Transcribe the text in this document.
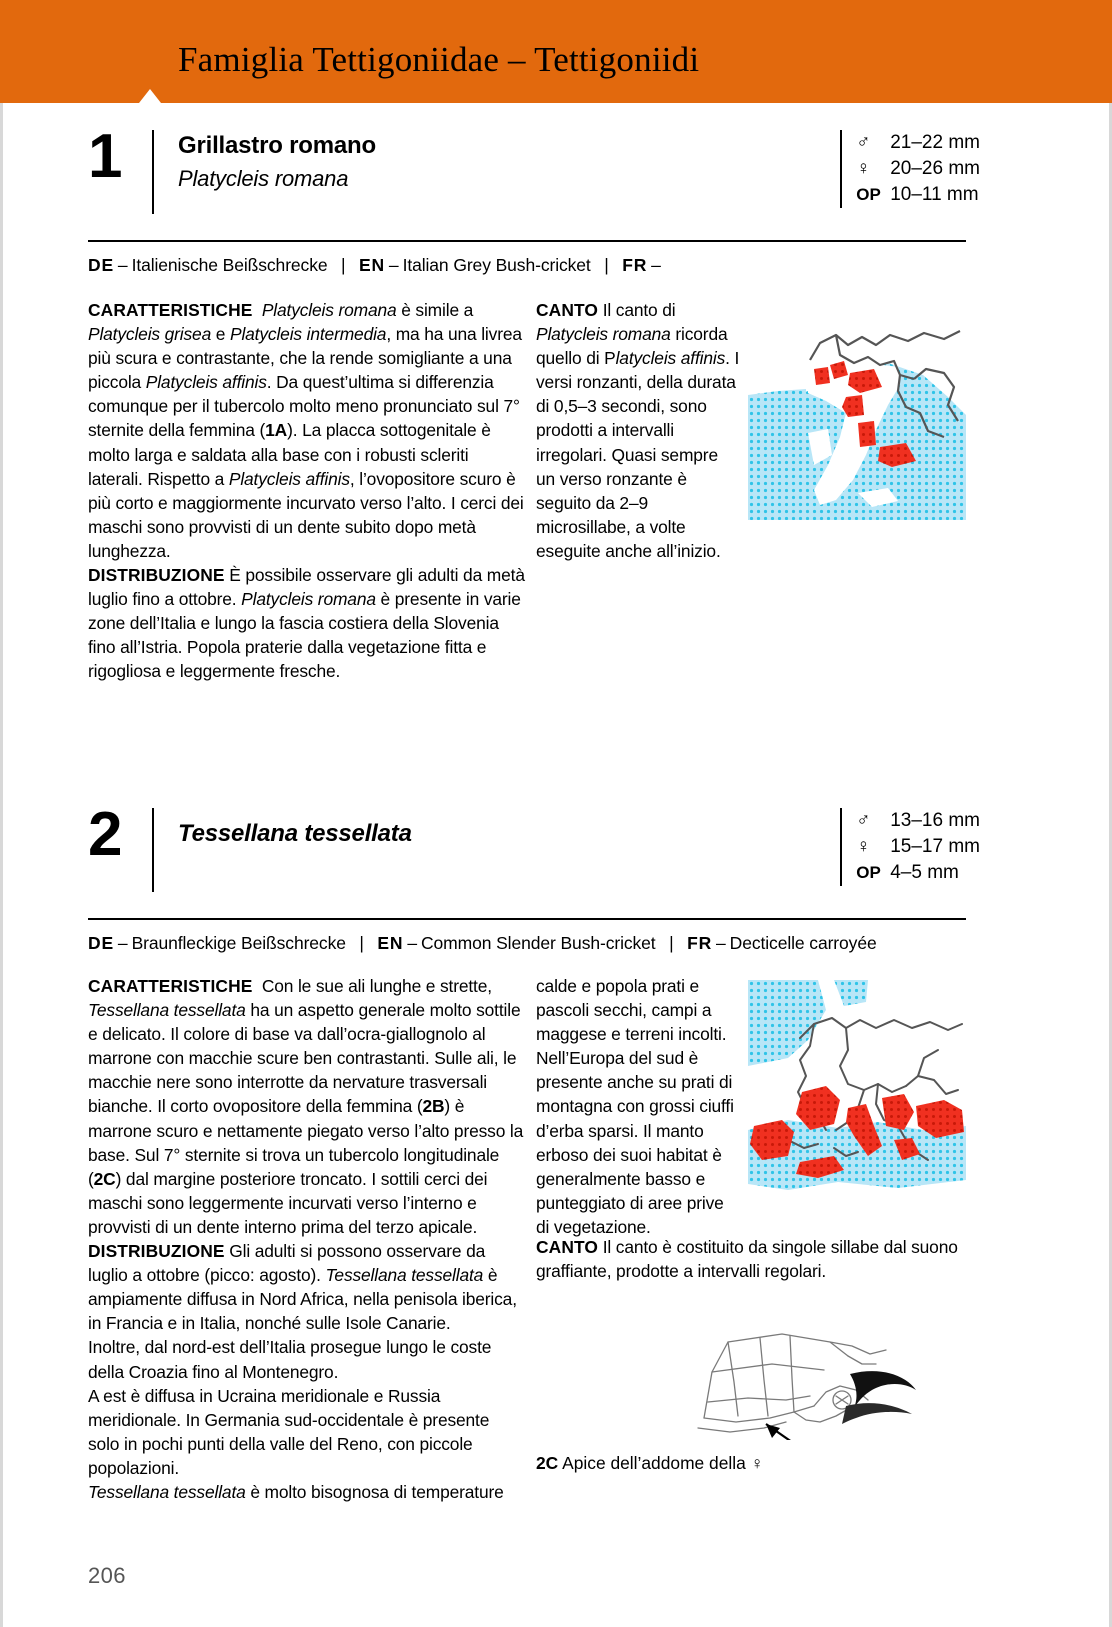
Famiglia Tettigoniidae – Tettigoniidi
1 Grillastro romano
Platycleis romana
♂	21–22 mm
♀	20–26 mm
OP 10–11 mm
DE – Italienische Beißschrecke  |  EN – Italian Grey Bush-cricket  |  FR –

CARATTERISTICHE Platycleis romana è simile a Platycleis grisea e Platycleis intermedia, ma ha una livrea più scura e contrastante, che la rende somigliante a una piccola Platycleis affinis. Da quest’ultima si differenzia comunque per il tubercolo molto meno pronunciato sul 7° sternite della femmina (1A). La placca sottogenitale è molto larga e saldata alla base con i robusti scleriti laterali. Rispetto a Platycleis affinis, l’ovopositore scuro è più corto e maggiormente incurvato verso l’alto. I cerci dei maschi sono provvisti di un dente subito dopo metà lunghezza.

DISTRIBUZIONE È possibile osservare gli adulti da metà luglio fino a ottobre. Platycleis romana è presente in varie zone dell’Italia e lungo la fascia costiera della Slovenia fino all’Istria. Popola praterie dalla vegetazione fitta e rigogliosa e leggermente fresche.

CANTO Il canto di Platycleis romana ricorda quello di Platycleis affinis. I versi ronzanti, della durata di 0,5–3 secondi, sono prodotti a intervalli irregolari. Quasi sempre un verso ronzante è seguito da 2–9 microsillabe, a volte eseguite anche all’inizio.

2 Tessellana tessellata	♂	13–16 mm
♀	15–17 mm
OP 4–5 mm
DE – Braunfleckige Beißschrecke  |  EN – Common Slender Bush-cricket  |  FR – Decticelle carroyée

CARATTERISTICHE Con le sue ali lunghe e strette, Tessellana tessellata ha un aspetto generale molto sottile e delicato. Il colore di base va dall’ocra-giallognolo al marrone con macchie scure ben contrastanti. Sulle ali, le macchie nere sono interrotte da nervature trasversali bianche. Il corto ovopositore della femmina (2B) è marrone scuro e nettamente piegato verso l’alto presso la base. Sul 7° sternite si trova un tubercolo longitudinale (2C) dal margine posteriore troncato. I sottili cerci dei maschi sono leggermente incurvati verso l’interno e provvisti di un dente interno prima del terzo apicale.

DISTRIBUZIONE Gli adulti si possono osservare da luglio a ottobre (picco: agosto). Tessellana tessellata è ampiamente diffusa in Nord Africa, nella penisola iberica, in Francia e in Italia, nonché sulle Isole Canarie.

Inoltre, dal nord-est dell’Italia prosegue lungo le coste della Croazia fino al Montenegro.

A est è diffusa in Ucraina meridionale e Russia meridionale. In Germania sud-occidentale è presente solo in pochi punti della valle del Reno, con piccole popolazioni.

Tessellana tessellata è molto bisognosa di temperature

calde e popola prati e pascoli secchi, campi a maggese e terreni incolti.

Nell’Europa del sud è presente anche su prati di montagna con grossi ciuffi d’erba sparsi. Il manto erboso dei suoi habitat è generalmente basso e punteggiato di aree prive di vegetazione.

CANTO Il canto è costituito da singole sillabe dal suono graffiante, prodotte a intervalli regolari.

2C Apice dell’addome della ♀
206
